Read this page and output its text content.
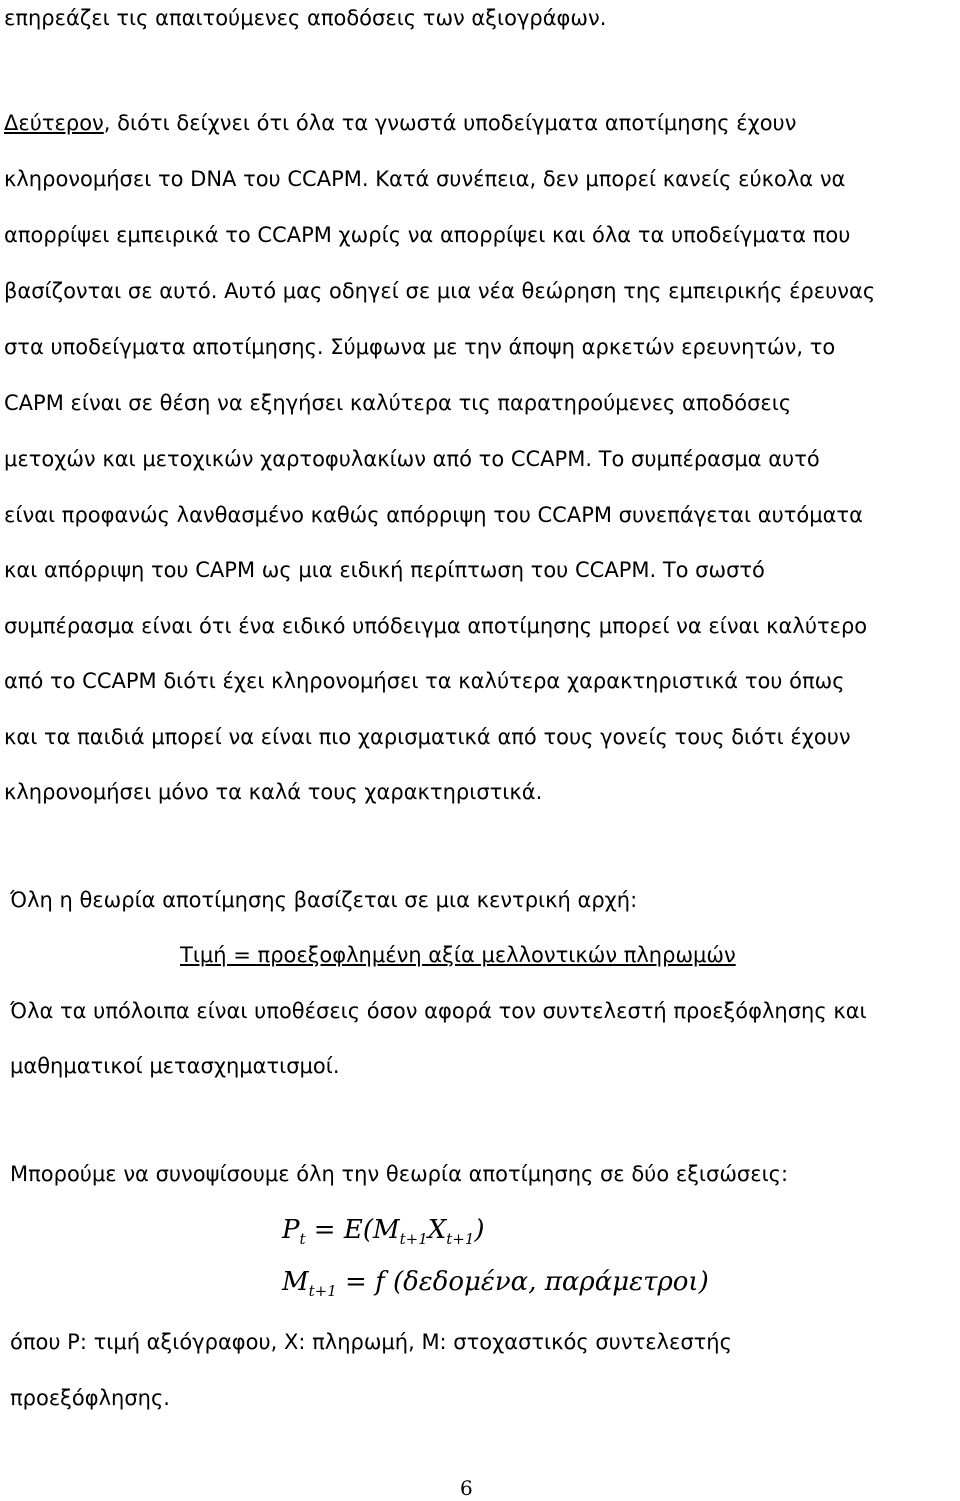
επηρεάζει τις απαιτούμενες αποδόσεις των αξιογράφων.
Δεύτερον, διότι δείχνει ότι όλα τα γνωστά υποδείγματα αποτίμησης έχουν
κληρονομήσει το DNA του CCAPM. Κατά συνέπεια, δεν μπορεί κανείς εύκολα να
απορρίψει εμπειρικά το CCAPM χωρίς να απορρίψει και όλα τα υποδείγματα που
βασίζονται σε αυτό. Αυτό μας οδηγεί σε μια νέα θεώρηση της εμπειρικής έρευνας
στα υποδείγματα αποτίμησης. Σύμφωνα με την άποψη αρκετών ερευνητών, το
CAPM είναι σε θέση να εξηγήσει καλύτερα τις παρατηρούμενες αποδόσεις
μετοχών και μετοχικών χαρτοφυλακίων από το CCAPM. Το συμπέρασμα αυτό
είναι προφανώς λανθασμένο καθώς απόρριψη του CCAPM συνεπάγεται αυτόματα
και απόρριψη του CAPM ως μια ειδική περίπτωση του CCAPM. Το σωστό
συμπέρασμα είναι ότι ένα ειδικό υπόδειγμα αποτίμησης μπορεί να είναι καλύτερο
από το CCAPM διότι έχει κληρονομήσει τα καλύτερα χαρακτηριστικά του όπως
και τα παιδιά μπορεί να είναι πιο χαρισματικά από τους γονείς τους διότι έχουν
κληρονομήσει μόνο τα καλά τους χαρακτηριστικά.
Όλη η θεωρία αποτίμησης βασίζεται σε μια κεντρική αρχή:
Τιμή = προεξοφλημένη αξία μελλοντικών πληρωμών
Όλα τα υπόλοιπα είναι υποθέσεις όσον αφορά τον συντελεστή προεξόφλησης και
μαθηματικοί μετασχηματισμοί.
Μπορούμε να συνοψίσουμε όλη την θεωρία αποτίμησης σε δύο εξισώσεις:
$P_t = E(M_{t+1}X_{t+1})$
$M_{t+1} = f$ (δεδομένα, παράμετροι)
όπου P: τιμή αξιόγραφου, X: πληρωμή, M: στοχαστικός συντελεστής
προεξόφλησης.
6
